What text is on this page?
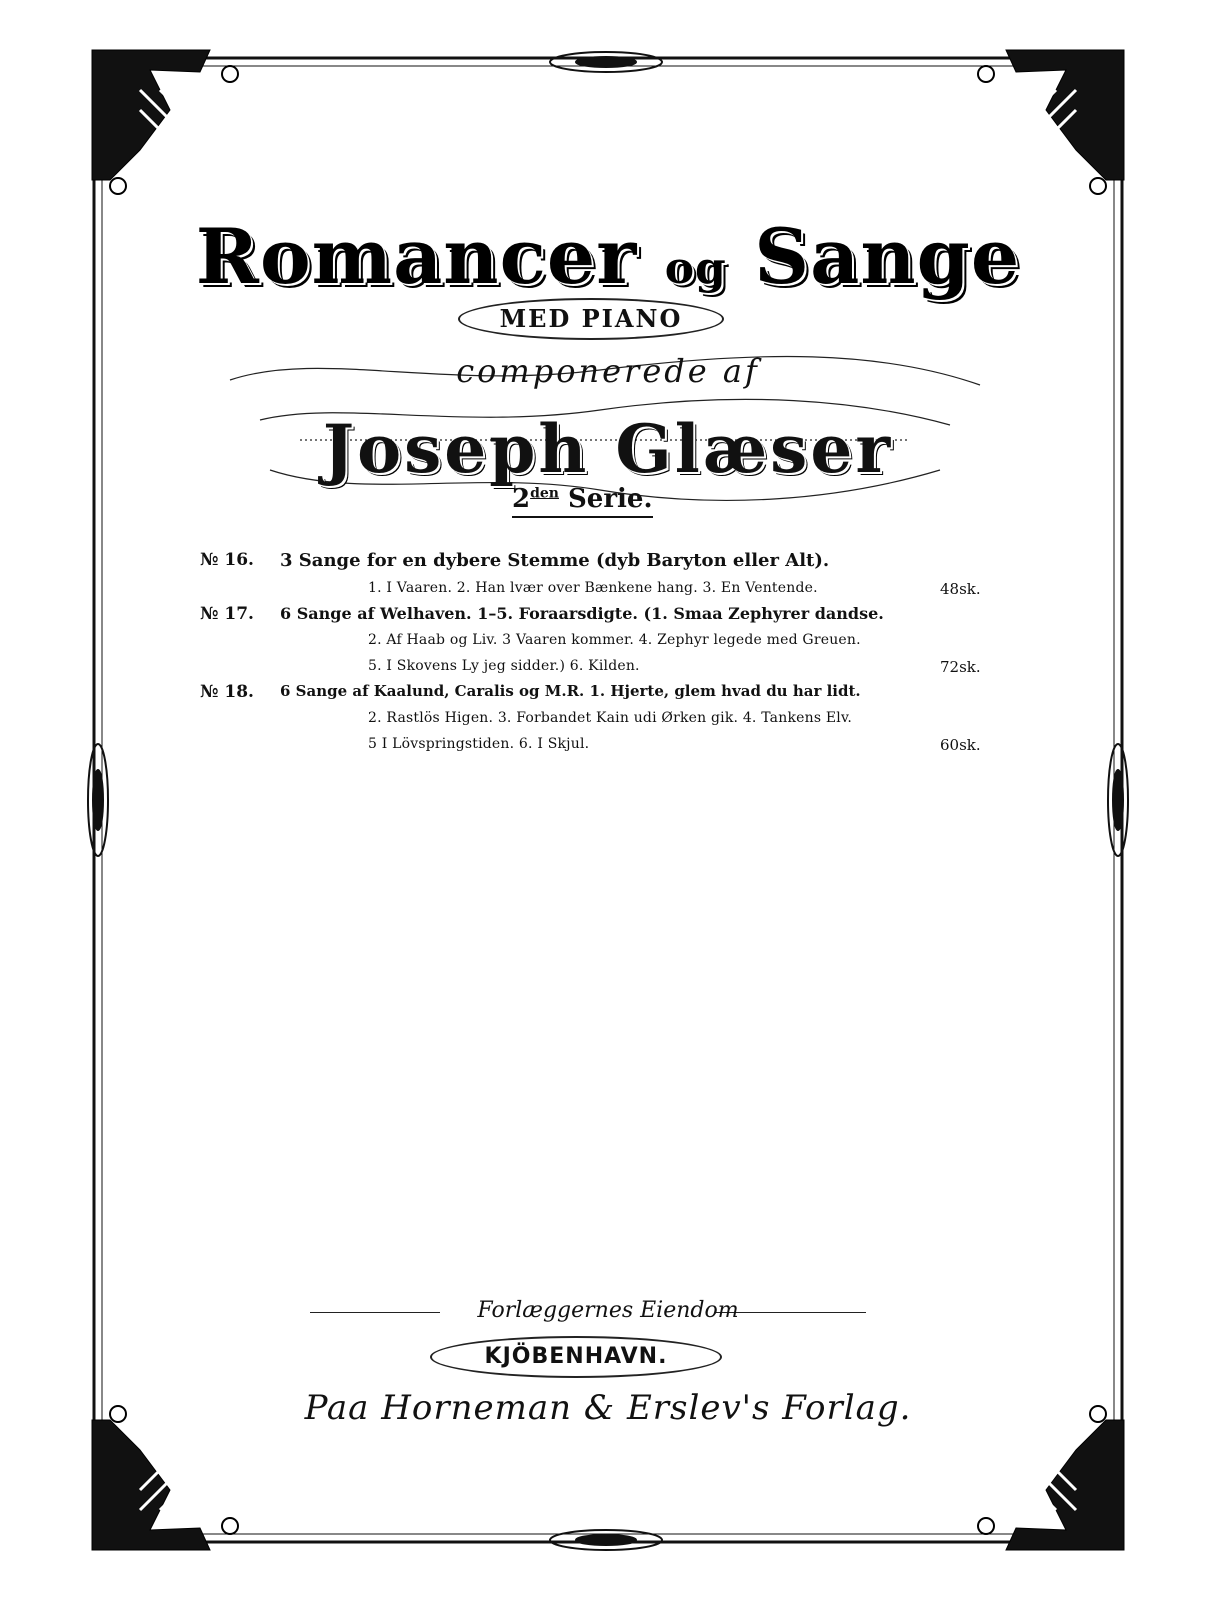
Romancer og Sange
MED PIANO
componerede af
Joseph Glæser
$2^{den}$ Serie.
№ 16. 3 Sange for en dybere Stemme (dyb Baryton eller Alt).
1. I Vaaren. 2. Han lvær over Bænkene hang. 3. En Ventende.	48sk.
№ 17. 6 Sange af Welhaven. 1–5. Foraarsdigte. (1. Smaa Zephyrer dandse.
2. Af Haab og Liv. 3 Vaaren kommer. 4. Zephyr legede med Greuen.
5. I Skovens Ly jeg sidder.) 6. Kilden.	72sk.
№ 18. 6 Sange af Kaalund, Caralis og M.R. 1. Hjerte, glem hvad du har lidt.
2. Rastlös Higen. 3. Forbandet Kain udi Ørken gik. 4. Tankens Elv.
5 I Lövspringstiden. 6. I Skjul.	60sk.
Forlæggernes Eiendom
KJÖBENHAVN.
Paa Horneman & Erslev's Forlag.
